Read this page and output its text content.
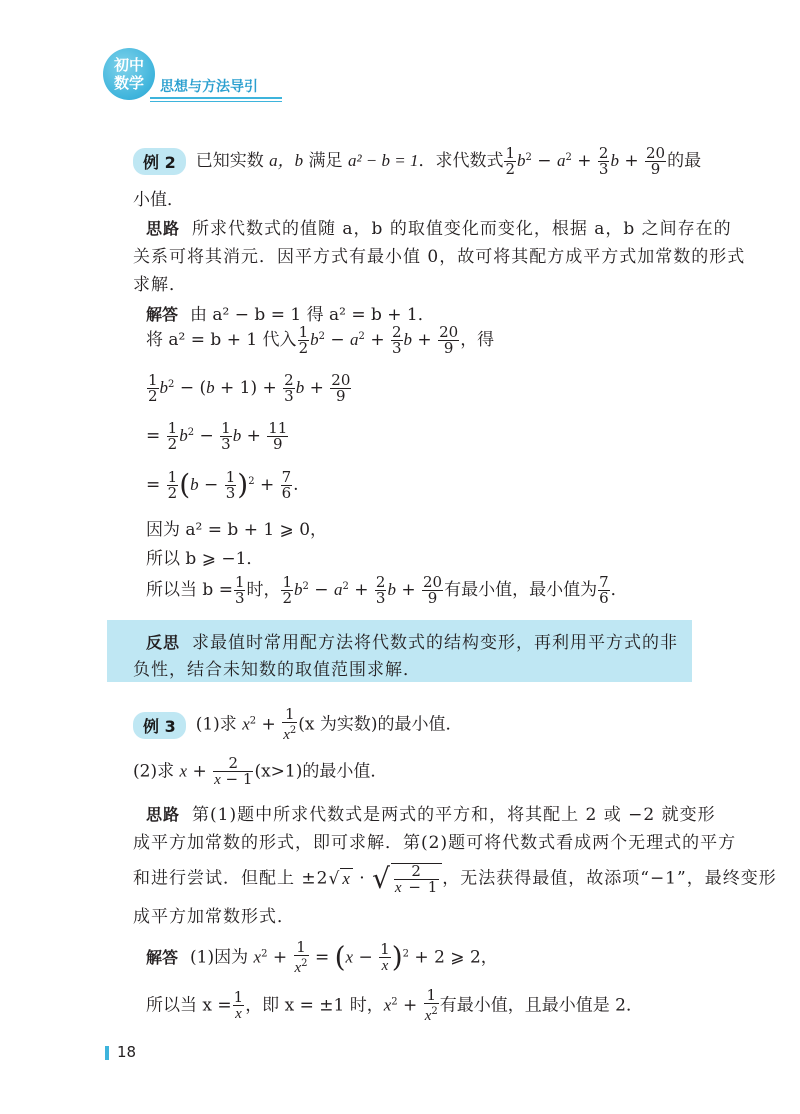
初中
数学	思想与方法导引
例 2 已知实数 a，b 满足 a² − b = 1．求代数式 $\frac{1}{2} b^2 - a^2 + \frac{2}{3}$ $b + \frac{20}{9}$ 的最
小值．
思路 所求代数式的值随 a，b 的取值变化而变化，根据 a，b 之间存在的
关系可将其消元．因平方式有最小值 0，故可将其配方成平方式加常数的形式
求解．
解答 由 a² − b = 1 得 a² = b + 1．
将 a² = b + 1 代入 $\frac{1}{2} b^2 - a^2 + \frac{2}{3}$ $b + \frac{20}{9}$ ，得
$\frac{1}{2} b^2 - (b + 1) + \frac{2}{3}$ $b + \frac{20}{9}$
= $\frac{1}{2} b^2 - \frac{1}{3}$ $b + \frac{11}{9}$
= $\frac{1}{2} (b - \frac{1}{3} )^2 + \frac{7}{6}$ .
因为 a² = b + 1 ⩾ 0，
所以 b ⩾ −1．
所以当 $b = \frac{1}{3}$ 时， $\frac{1}{2} b^2 - a^2 + \frac{2}{3}$ $b + \frac{20}{9}$ 有最小值，最小值为 $\frac{7}{6}$ ．
反思 求最值时常用配方法将代数式的结构变形，再利用平方式的非
负性，结合未知数的取值范围求解．
例 3 (1)求 $x^2 + \frac{1}{x^2} (x$ 为实数)的最小值．
(2)求 $x + \frac{2}{x - 1} (x>1)$的最小值．
思路 第(1)题中所求代数式是两式的平方和，将其配上 2 或 −2 就变形
成平方加常数的形式，即可求解．第(2)题可将代数式看成两个无理式的平方
和进行尝试．但配上 ±2√ x · √ $\frac{2}{x - 1}$ ，无法获得最值，故添项“−1”，最终变形
成平方加常数形式．
解答 (1)因为 $x^2 + \frac{1}{x^2} = (x - \frac{1}{x} )^2 + 2$ ⩾ 2，
所以当 $x = \frac{1}{x}$ ，即 x = ±1 时，$x^2 + \frac{1}{x^2}$ 有最小值，且最小值是 2．
18
